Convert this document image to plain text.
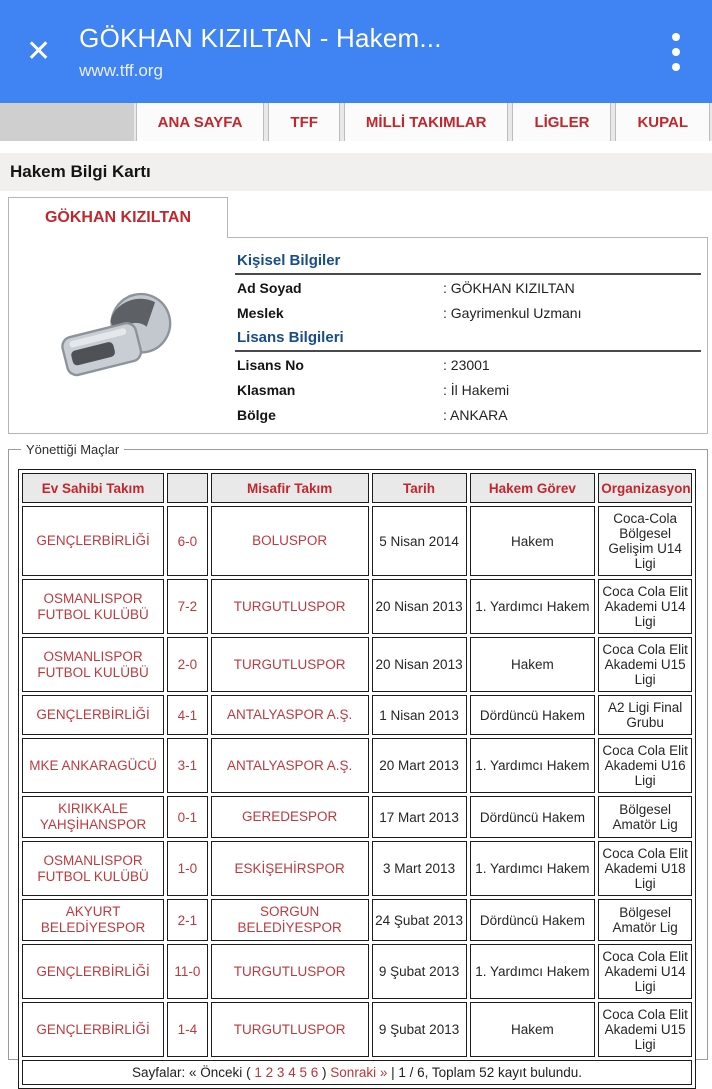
✕ GÖKHAN KIZILTAN - Hakem...
www.tff.org
ANA SAYFA	TFF	MİLLİ TAKIMLAR	LİGLER	KUPAL
Hakem Bilgi Kartı
GÖKHAN KIZILTAN
Kişisel Bilgiler
Ad Soyad	: GÖKHAN KIZILTAN
Meslek	: Gayrimenkul Uzmanı
Lisans Bilgileri
Lisans No	: 23001
Klasman	: İl Hakemi
Bölge	: ANKARA
Yönettiği Maçlar
Ev Sahibi Takım		Misafir Takım	Tarih	Hakem Görev	Organizasyon
GENÇLERBİRLİĞİ	6-0	BOLUSPOR	5 Nisan 2014	Hakem	Coca-Cola Bölgesel Gelişim U14 Ligi
OSMANLISPOR FUTBOL KULÜBÜ	7-2	TURGUTLUSPOR	20 Nisan 2013	1. Yardımcı Hakem	Coca Cola Elit Akademi U14 Ligi
OSMANLISPOR FUTBOL KULÜBÜ	2-0	TURGUTLUSPOR	20 Nisan 2013	Hakem	Coca Cola Elit Akademi U15 Ligi
GENÇLERBİRLİĞİ	4-1	ANTALYASPOR A.Ş.	1 Nisan 2013	Dördüncü Hakem	A2 Ligi Final Grubu
MKE ANKARAGÜCÜ	3-1	ANTALYASPOR A.Ş.	20 Mart 2013	1. Yardımcı Hakem	Coca Cola Elit Akademi U16 Ligi
KIRIKKALE YAHŞİHANSPOR	0-1	GEREDESPOR	17 Mart 2013	Dördüncü Hakem	Bölgesel Amatör Lig
OSMANLISPOR FUTBOL KULÜBÜ	1-0	ESKİŞEHİRSPOR	3 Mart 2013	1. Yardımcı Hakem	Coca Cola Elit Akademi U18 Ligi
AKYURT BELEDİYESPOR	2-1	SORGUN BELEDİYESPOR	24 Şubat 2013	Dördüncü Hakem	Bölgesel Amatör Lig
GENÇLERBİRLİĞİ	11-0	TURGUTLUSPOR	9 Şubat 2013	1. Yardımcı Hakem	Coca Cola Elit Akademi U14 Ligi
GENÇLERBİRLİĞİ	1-4	TURGUTLUSPOR	9 Şubat 2013	Hakem	Coca Cola Elit Akademi U15 Ligi
Sayfalar: « Önceki ( 1 2 3 4 5 6 ) Sonraki » | 1 / 6, Toplam 52 kayıt bulundu.					
